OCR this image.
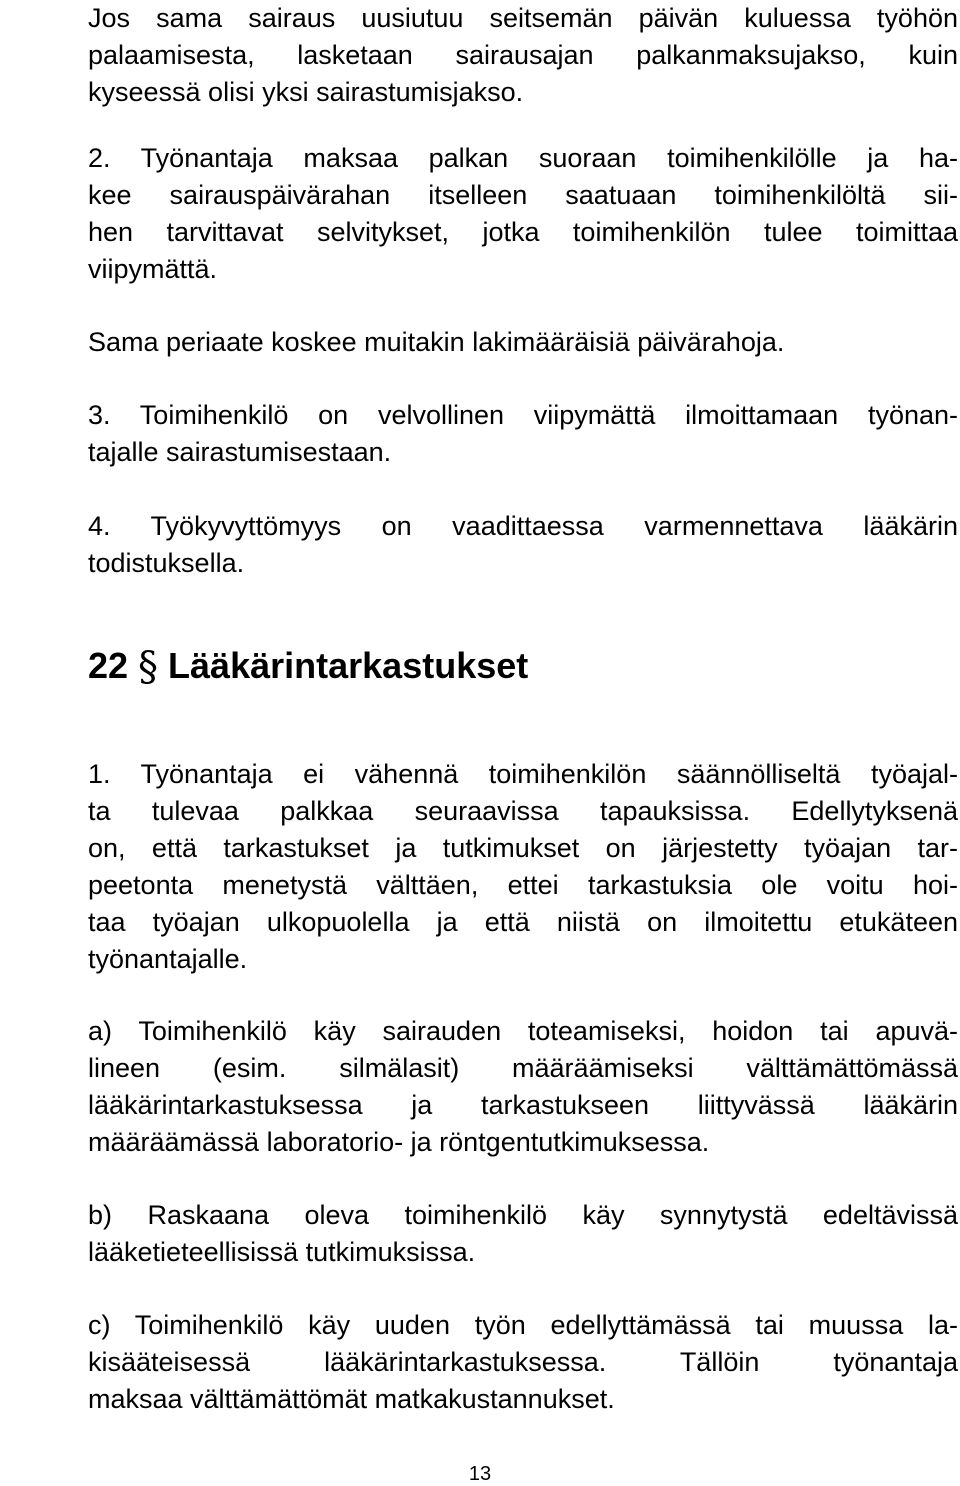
Jos sama sairaus uusiutuu seitsemän päivän kuluessa työhön
palaamisesta, lasketaan sairausajan palkanmaksujakso, kuin
kyseessä olisi yksi sairastumisjakso.
2. Työnantaja maksaa palkan suoraan toimihenkilölle ja ha-
kee sairauspäivärahan itselleen saatuaan toimihenkilöltä sii-
hen tarvittavat selvitykset, jotka toimihenkilön tulee toimittaa
viipymättä.
Sama periaate koskee muitakin lakimääräisiä päivärahoja.
3. Toimihenkilö on velvollinen viipymättä ilmoittamaan työnan-
tajalle sairastumisestaan.
4. Työkyvyttömyys on vaadittaessa varmennettava lääkärin
todistuksella.
22 § Lääkärintarkastukset
1. Työnantaja ei vähennä toimihenkilön säännölliseltä työajal-
ta tulevaa palkkaa seuraavissa tapauksissa. Edellytyksenä
on, että tarkastukset ja tutkimukset on järjestetty työajan tar-
peetonta menetystä välttäen, ettei tarkastuksia ole voitu hoi-
taa työajan ulkopuolella ja että niistä on ilmoitettu etukäteen
työnantajalle.
a) Toimihenkilö käy sairauden toteamiseksi, hoidon tai apuvä-
lineen (esim. silmälasit) määräämiseksi välttämättömässä
lääkärintarkastuksessa ja tarkastukseen liittyvässä lääkärin
määräämässä laboratorio- ja röntgentutkimuksessa.
b) Raskaana oleva toimihenkilö käy synnytystä edeltävissä
lääketieteellisissä tutkimuksissa.
c) Toimihenkilö käy uuden työn edellyttämässä tai muussa la-
kisääteisessä lääkärintarkastuksessa. Tällöin työnantaja
maksaa välttämättömät matkakustannukset.
13
